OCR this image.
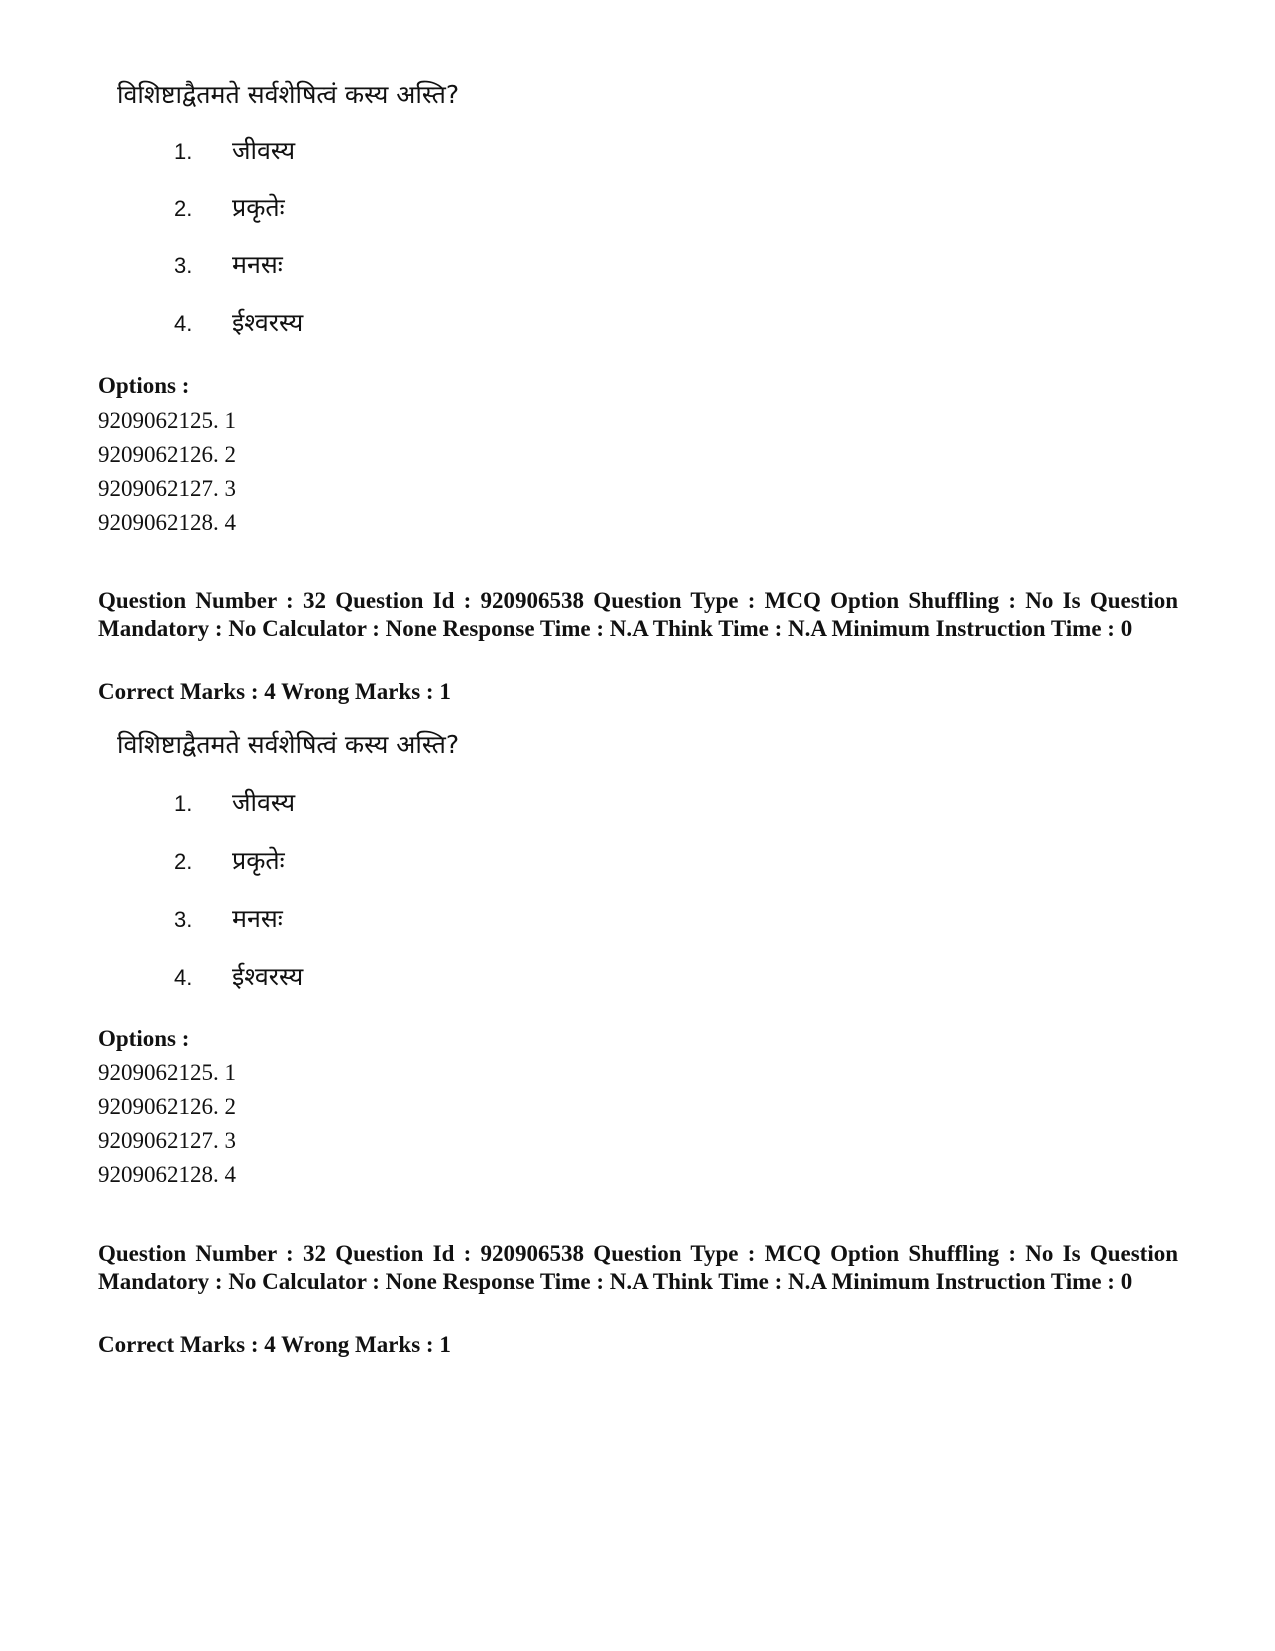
विशिष्टाद्वैतमते सर्वशेषित्वं कस्य अस्ति?
1.	जीवस्य
2.	प्रकृतेः
3.	मनसः
4.	ईश्वरस्य
Options :
9209062125. 1
9209062126. 2
9209062127. 3
9209062128. 4
Question Number : 32 Question Id : 920906538 Question Type : MCQ Option Shuffling : No Is Question Mandatory : No Calculator : None Response Time : N.A Think Time : N.A Minimum Instruction Time : 0
Correct Marks : 4 Wrong Marks : 1
विशिष्टाद्वैतमते सर्वशेषित्वं कस्य अस्ति?
1.	जीवस्य
2.	प्रकृतेः
3.	मनसः
4.	ईश्वरस्य
Options :
9209062125. 1
9209062126. 2
9209062127. 3
9209062128. 4
Question Number : 32 Question Id : 920906538 Question Type : MCQ Option Shuffling : No Is Question Mandatory : No Calculator : None Response Time : N.A Think Time : N.A Minimum Instruction Time : 0
Correct Marks : 4 Wrong Marks : 1
